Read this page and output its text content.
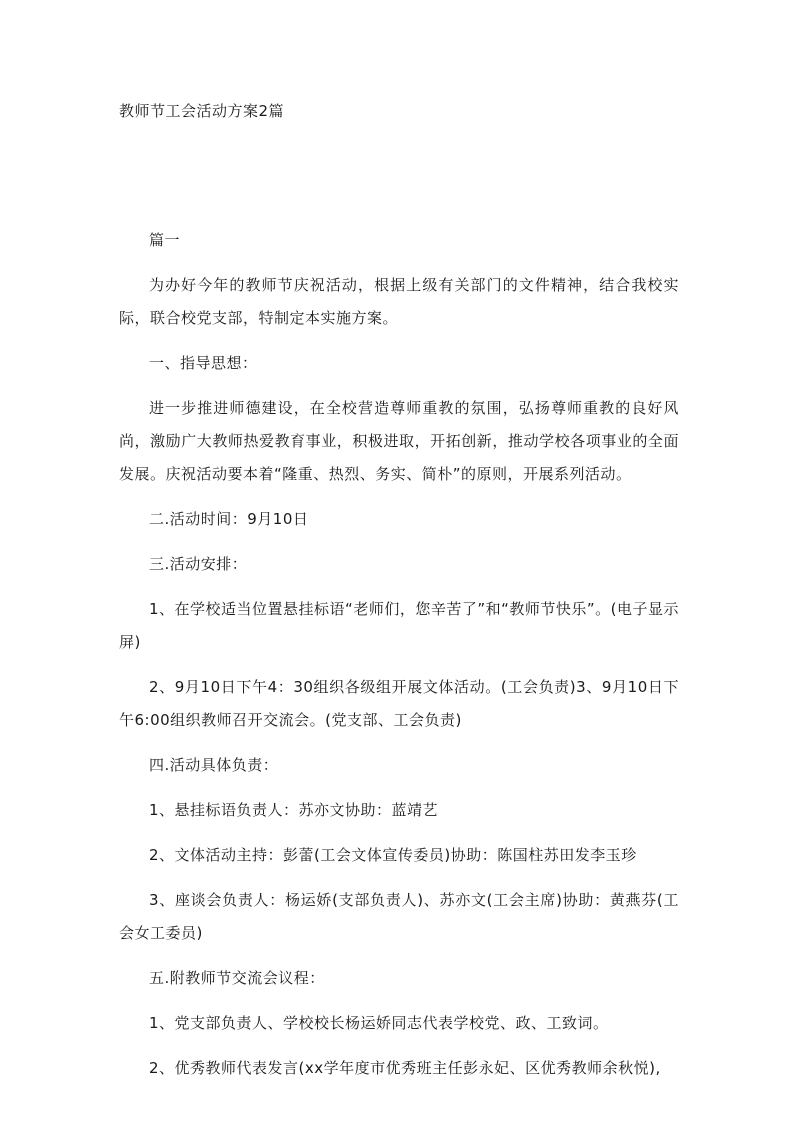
教师节工会活动方案2篇

篇一

为办好今年的教师节庆祝活动，根据上级有关部门的文件精神，结合我校实际，联合校党支部，特制定本实施方案。

一、指导思想：

进一步推进师德建设，在全校营造尊师重教的氛围，弘扬尊师重教的良好风尚，激励广大教师热爱教育事业，积极进取，开拓创新，推动学校各项事业的全面发展。庆祝活动要本着“隆重、热烈、务实、简朴”的原则，开展系列活动。

二.活动时间：9月10日

三.活动安排：

1、在学校适当位置悬挂标语“老师们，您辛苦了”和“教师节快乐”。(电子显示屏)

2、9月10日下午4：30组织各级组开展文体活动。(工会负责)3、9月10日下午6:00组织教师召开交流会。(党支部、工会负责)

四.活动具体负责：

1、悬挂标语负责人：苏亦文协助：蓝靖艺

2、文体活动主持：彭蕾(工会文体宣传委员)协助：陈国柱苏田发李玉珍

3、座谈会负责人：杨运娇(支部负责人)、苏亦文(工会主席)协助：黄燕芬(工会女工委员)

五.附教师节交流会议程：

1、党支部负责人、学校校长杨运娇同志代表学校党、政、工致词。

2、优秀教师代表发言(xx学年度市优秀班主任彭永妃、区优秀教师余秋悦),
